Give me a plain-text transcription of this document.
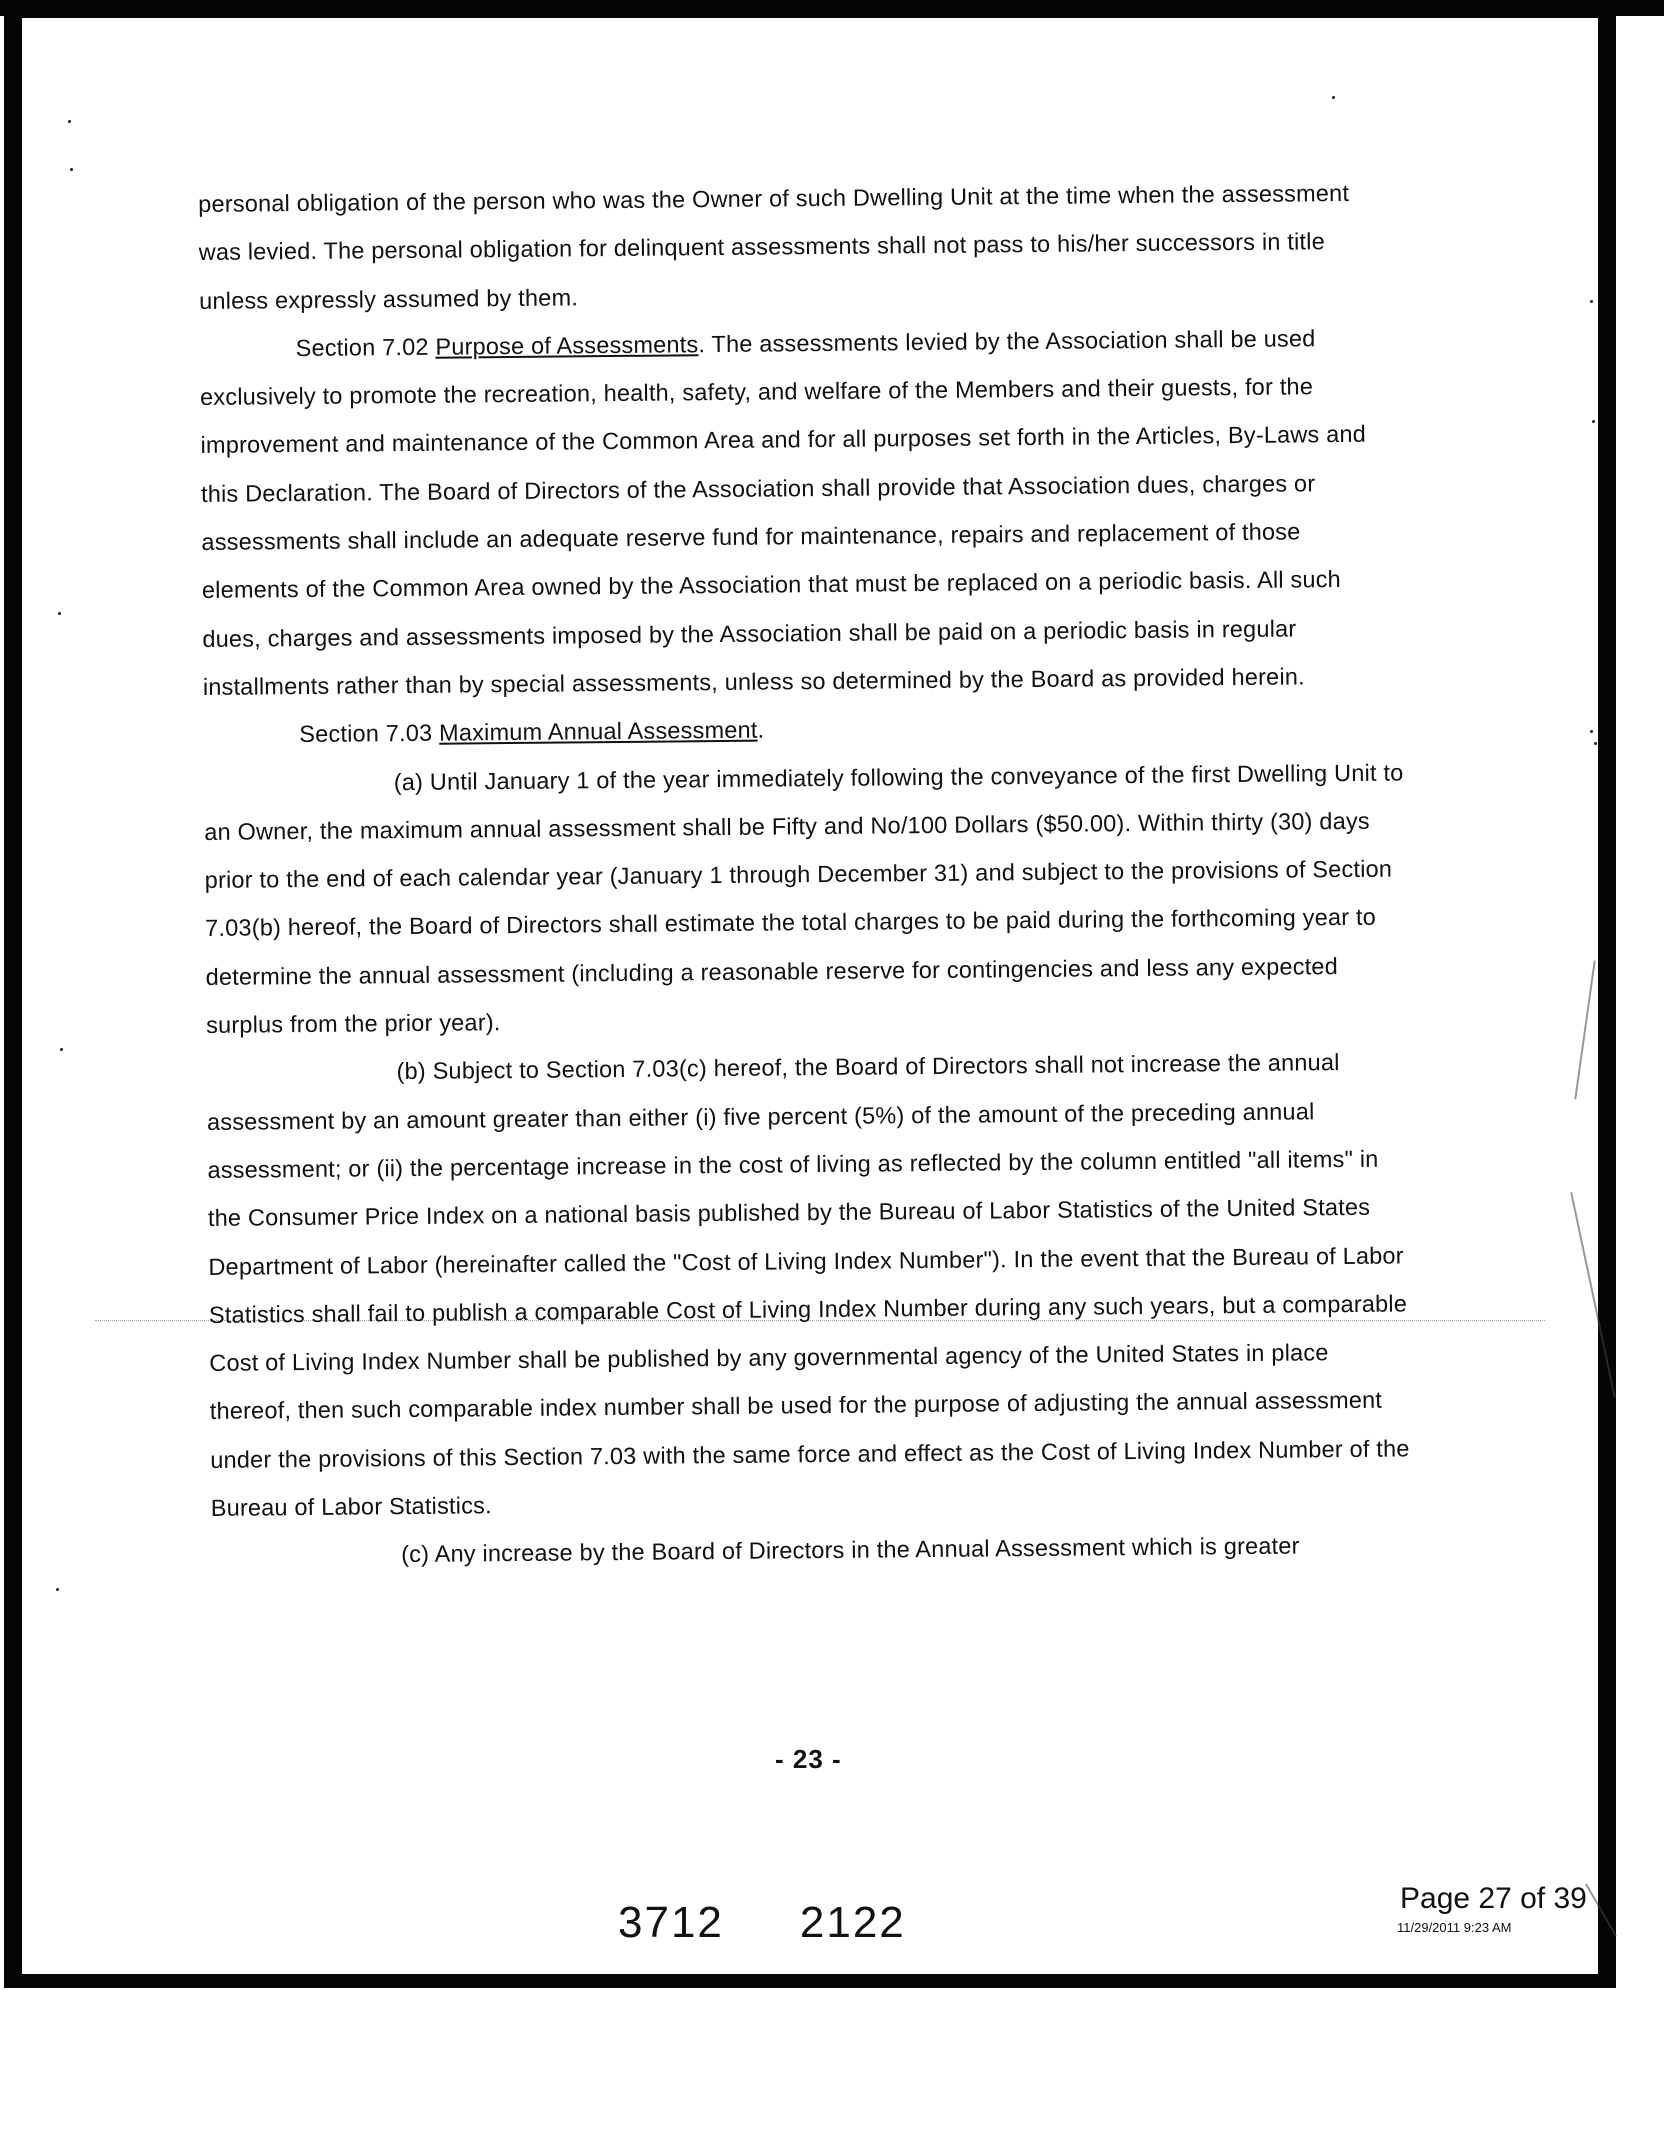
personal obligation of the person who was the Owner of such Dwelling Unit at the time when the assessment was levied. The personal obligation for delinquent assessments shall not pass to his/her successors in title unless expressly assumed by them.

Section 7.02 Purpose of Assessments. The assessments levied by the Association shall be used exclusively to promote the recreation, health, safety, and welfare of the Members and their guests, for the improvement and maintenance of the Common Area and for all purposes set forth in the Articles, By-Laws and this Declaration. The Board of Directors of the Association shall provide that Association dues, charges or assessments shall include an adequate reserve fund for maintenance, repairs and replacement of those elements of the Common Area owned by the Association that must be replaced on a periodic basis. All such dues, charges and assessments imposed by the Association shall be paid on a periodic basis in regular installments rather than by special assessments, unless so determined by the Board as provided herein.

Section 7.03 Maximum Annual Assessment.

(a) Until January 1 of the year immediately following the conveyance of the first Dwelling Unit to an Owner, the maximum annual assessment shall be Fifty and No/100 Dollars ($50.00). Within thirty (30) days prior to the end of each calendar year (January 1 through December 31) and subject to the provisions of Section 7.03(b) hereof, the Board of Directors shall estimate the total charges to be paid during the forthcoming year to determine the annual assessment (including a reasonable reserve for contingencies and less any expected surplus from the prior year).

(b) Subject to Section 7.03(c) hereof, the Board of Directors shall not increase the annual assessment by an amount greater than either (i) five percent (5%) of the amount of the preceding annual assessment; or (ii) the percentage increase in the cost of living as reflected by the column entitled "all items" in the Consumer Price Index on a national basis published by the Bureau of Labor Statistics of the United States Department of Labor (hereinafter called the "Cost of Living Index Number"). In the event that the Bureau of Labor Statistics shall fail to publish a comparable Cost of Living Index Number during any such years, but a comparable Cost of Living Index Number shall be published by any governmental agency of the United States in place thereof, then such comparable index number shall be used for the purpose of adjusting the annual assessment under the provisions of this Section 7.03 with the same force and effect as the Cost of Living Index Number of the Bureau of Labor Statistics.

(c) Any increase by the Board of Directors in the Annual Assessment which is greater

- 23 -
3712 2122	Page 27 of 39
11/29/2011 9:23 AM
